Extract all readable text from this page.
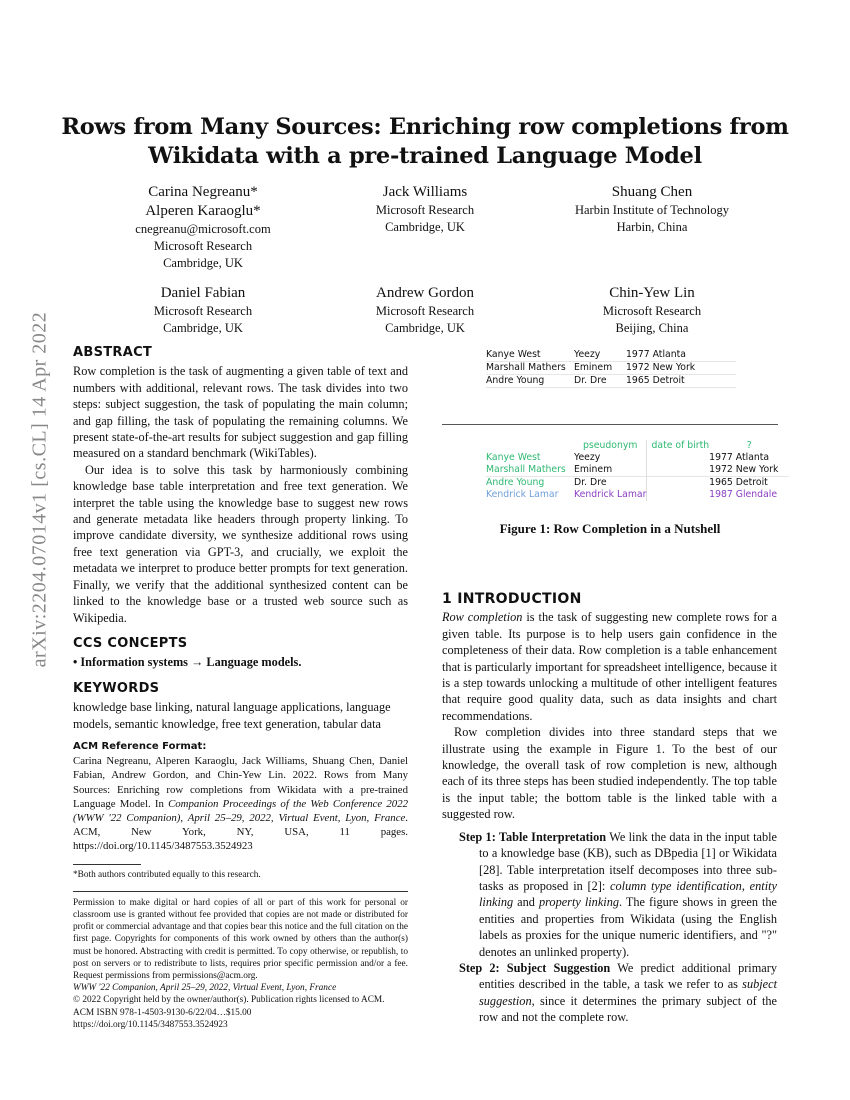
Rows from Many Sources: Enriching row completions from
Wikidata with a pre-trained Language Model
arXiv:2204.07014v1 [cs.CL] 14 Apr 2022
Carina Negreanu*
Alperen Karaoglu*
cnegreanu@microsoft.com
Microsoft Research
Cambridge, UK
Jack Williams
Microsoft Research
Cambridge, UK
Shuang Chen
Harbin Institute of Technology
Harbin, China
Daniel Fabian
Microsoft Research
Cambridge, UK
Andrew Gordon
Microsoft Research
Cambridge, UK
Chin-Yew Lin
Microsoft Research
Beijing, China
ABSTRACT

Row completion is the task of augmenting a given table of text and numbers with additional, relevant rows. The task divides into two steps: subject suggestion, the task of populating the main column; and gap filling, the task of populating the remaining columns. We present state-of-the-art results for subject suggestion and gap filling measured on a standard benchmark (WikiTables).

Our idea is to solve this task by harmoniously combining knowledge base table interpretation and free text generation. We interpret the table using the knowledge base to suggest new rows and generate metadata like headers through property linking. To improve candidate diversity, we synthesize additional rows using free text generation via GPT-3, and crucially, we exploit the metadata we interpret to produce better prompts for text generation. Finally, we verify that the additional synthesized content can be linked to the knowledge base or a trusted web source such as Wikipedia.

CCS CONCEPTS

• Information systems → Language models.

KEYWORDS

knowledge base linking, natural language applications, language models, semantic knowledge, free text generation, tabular data

ACM Reference Format:
Carina Negreanu, Alperen Karaoglu, Jack Williams, Shuang Chen, Daniel Fabian, Andrew Gordon, and Chin-Yew Lin. 2022. Rows from Many Sources: Enriching row completions from Wikidata with a pre-trained Language Model. In Companion Proceedings of the Web Conference 2022 (WWW '22 Companion), April 25–29, 2022, Virtual Event, Lyon, France. ACM, New York, NY, USA, 11 pages. https://doi.org/10.1145/3487553.3524923
*Both authors contributed equally to this research.
Permission to make digital or hard copies of all or part of this work for personal or classroom use is granted without fee provided that copies are not made or distributed for profit or commercial advantage and that copies bear this notice and the full citation on the first page. Copyrights for components of this work owned by others than the author(s) must be honored. Abstracting with credit is permitted. To copy otherwise, or republish, to post on servers or to redistribute to lists, requires prior specific permission and/or a fee. Request permissions from permissions@acm.org.
WWW '22 Companion, April 25–29, 2022, Virtual Event, Lyon, France
© 2022 Copyright held by the owner/author(s). Publication rights licensed to ACM.
ACM ISBN 978-1-4503-9130-6/22/04…$15.00
https://doi.org/10.1145/3487553.3524923
Kanye West	Yeezy	1977 Atlanta
Marshall Mathers	Eminem	1972 New York
Andre Young	Dr. Dre	1965 Detroit
	pseudonym	date of birth	?
Kanye West	Yeezy		1977 Atlanta
Marshall Mathers	Eminem		1972 New York
Andre Young	Dr. Dre		1965 Detroit
Kendrick Lamar	Kendrick Lamar		1987 Glendale
Figure 1: Row Completion in a Nutshell
1 INTRODUCTION

Row completion is the task of suggesting new complete rows for a given table. Its purpose is to help users gain confidence in the completeness of their data. Row completion is a table enhancement that is particularly important for spreadsheet intelligence, because it is a step towards unlocking a multitude of other intelligent features that require good quality data, such as data insights and chart recommendations.

Row completion divides into three standard steps that we illustrate using the example in Figure 1. To the best of our knowledge, the overall task of row completion is new, although each of its three steps has been studied independently. The top table is the input table; the bottom table is the linked table with a suggested row.

Step 1: Table Interpretation We link the data in the input table to a knowledge base (KB), such as DBpedia [1] or Wikidata [28]. Table interpretation itself decomposes into three sub-tasks as proposed in [2]: column type identification, entity linking and property linking. The figure shows in green the entities and properties from Wikidata (using the English labels as proxies for the unique numeric identifiers, and "?" denotes an unlinked property).

Step 2: Subject Suggestion We predict additional primary entities described in the table, a task we refer to as subject suggestion, since it determines the primary subject of the row and not the complete row.
